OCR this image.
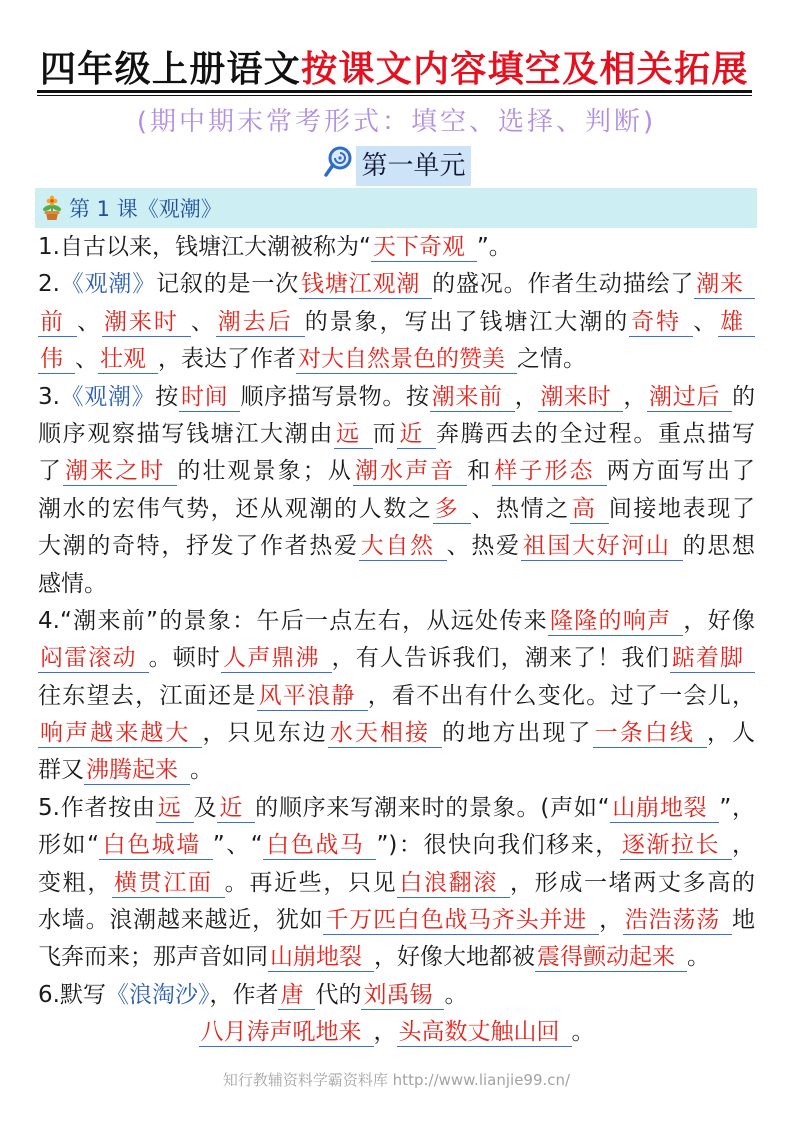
四年级上册语文按课文内容填空及相关拓展
(期中期末常考形式：填空、选择、判断)
第一单元
第 1 课《观潮》
1.自古以来，钱塘江大潮被称为“天下奇观 ”。
2.《观潮》记叙的是一次钱塘江观潮 的盛况。作者生动描绘了潮来
前 、潮来时 、潮去后 的景象，写出了钱塘江大潮的奇特 、雄
伟 、壮观 ，表达了作者对大自然景色的赞美 之情。
3.《观潮》按时间 顺序描写景物。按潮来前 ，潮来时 ，潮过后 的
顺序观察描写钱塘江大潮由远 而近 奔腾西去的全过程。重点描写
了潮来之时 的壮观景象；从潮水声音 和样子形态 两方面写出了
潮水的宏伟气势，还从观潮的人数之多 、热情之高 间接地表现了
大潮的奇特，抒发了作者热爱大自然 、热爱祖国大好河山 的思想
感情。
4.“潮来前”的景象：午后一点左右，从远处传来隆隆的响声 ，好像
闷雷滚动 。顿时人声鼎沸 ，有人告诉我们，潮来了！我们踮着脚
往东望去，江面还是风平浪静 ，看不出有什么变化。过了一会儿，
响声越来越大 ，只见东边水天相接 的地方出现了一条白线 ，人
群又沸腾起来 。
5.作者按由远 及近 的顺序来写潮来时的景象。(声如“山崩地裂 ”，
形如“白色城墙 ”、“白色战马 ”)：很快向我们移来，逐渐拉长 ，
变粗，横贯江面 。再近些，只见白浪翻滚 ，形成一堵两丈多高的
水墙。浪潮越来越近，犹如千万匹白色战马齐头并进 ，浩浩荡荡 地
飞奔而来；那声音如同山崩地裂 ，好像大地都被震得颤动起来 。
6.默写《浪淘沙》，作者唐 代的刘禹锡 。
八月涛声吼地来 ，头高数丈触山回 。
知行教辅资料学霸资料库 http://www.lianjie99.cn/
